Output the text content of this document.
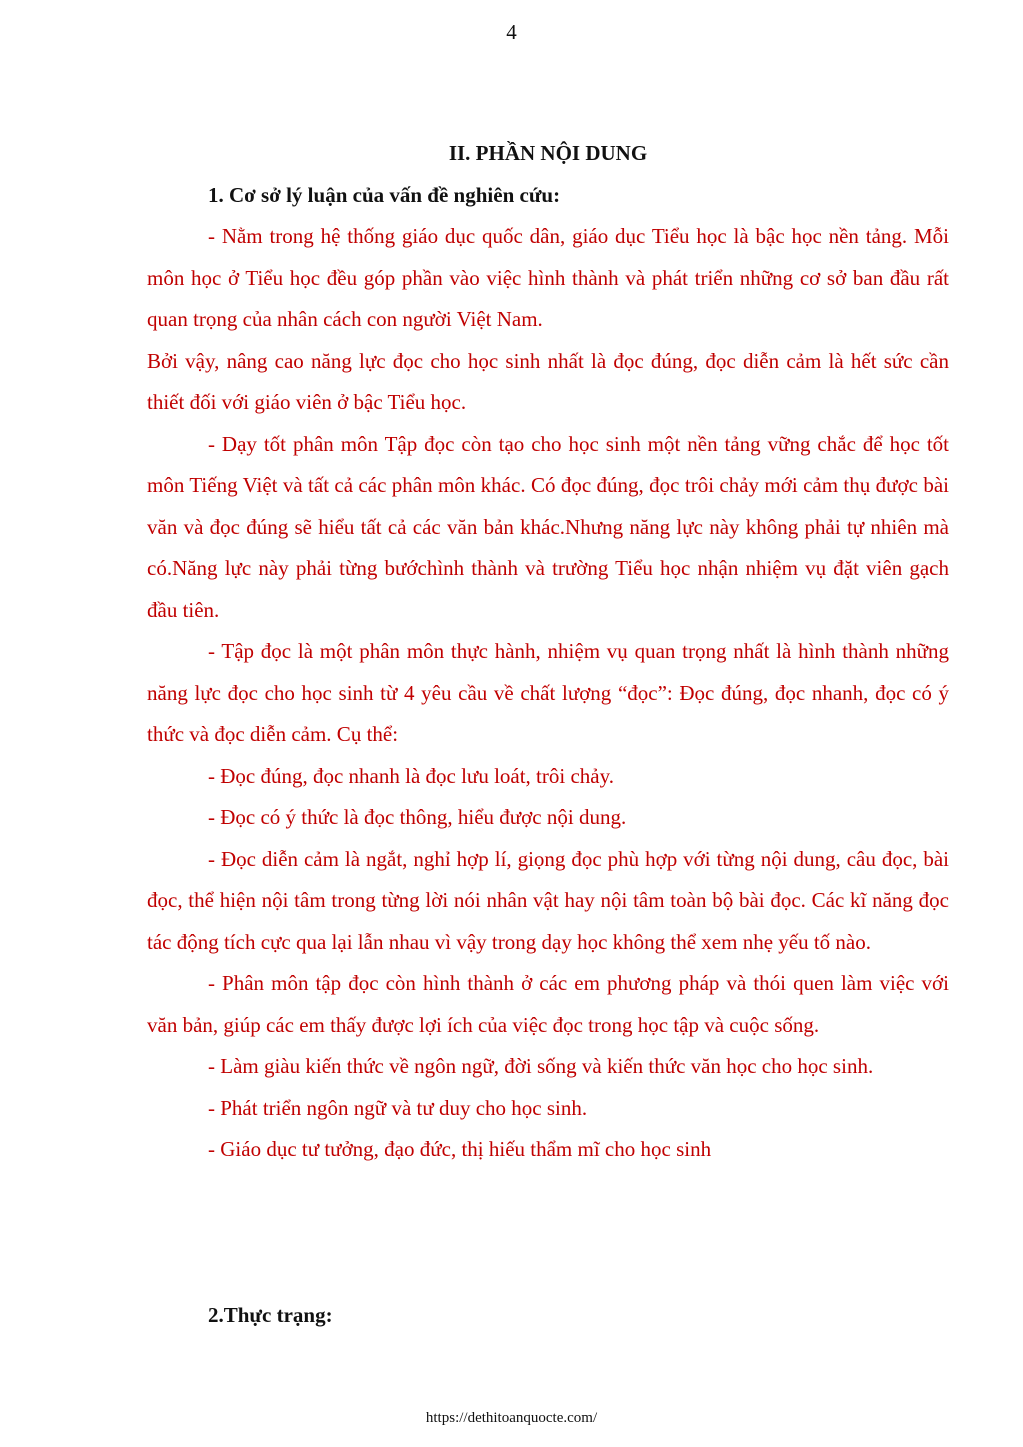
4
II. PHẦN NỘI DUNG
1. Cơ sở lý luận của vấn đề nghiên cứu:

- Nằm trong hệ thống giáo dục quốc dân, giáo dục Tiểu học là bậc học nền tảng. Mỗi môn học ở Tiểu học đều góp phần vào việc hình thành và phát triển những cơ sở ban đầu rất quan trọng của nhân cách con người Việt Nam.

Bởi vậy, nâng cao năng lực đọc cho học sinh nhất là đọc đúng, đọc diễn cảm là hết sức cần thiết đối với giáo viên ở bậc Tiểu học.

- Dạy tốt phân môn Tập đọc còn tạo cho học sinh một nền tảng vững chắc để học tốt môn Tiếng Việt và tất cả các phân môn khác. Có đọc đúng, đọc trôi chảy mới cảm thụ được bài văn và đọc đúng sẽ hiểu tất cả các văn bản khác.Nhưng năng lực này không phải tự nhiên mà có.Năng lực này phải từng bướchình thành và trường Tiểu học nhận nhiệm vụ đặt viên gạch đầu tiên.

- Tập đọc là một phân môn thực hành, nhiệm vụ quan trọng nhất là hình thành những năng lực đọc cho học sinh từ 4 yêu cầu về chất lượng “đọc”: Đọc đúng, đọc nhanh, đọc có ý thức và đọc diễn cảm. Cụ thể:

- Đọc đúng, đọc nhanh là đọc lưu loát, trôi chảy.

- Đọc có ý thức là đọc thông, hiểu được nội dung.

- Đọc diễn cảm là ngắt, nghỉ hợp lí, giọng đọc phù hợp với từng nội dung, câu đọc, bài đọc, thể hiện nội tâm trong từng lời nói nhân vật hay nội tâm toàn bộ bài đọc. Các kĩ năng đọc tác động tích cực qua lại lẫn nhau vì vậy trong dạy học không thể xem nhẹ yếu tố nào.

- Phân môn tập đọc còn hình thành ở các em phương pháp và thói quen làm việc với văn bản, giúp các em thấy được lợi ích của việc đọc trong học tập và cuộc sống.

- Làm giàu kiến thức về ngôn ngữ, đời sống và kiến thức văn học cho học sinh.

- Phát triển ngôn ngữ và tư duy cho học sinh.

- Giáo dục tư tưởng, đạo đức, thị hiếu thẩm mĩ cho học sinh

2.Thực trạng:
https://dethitoanquocte.com/
